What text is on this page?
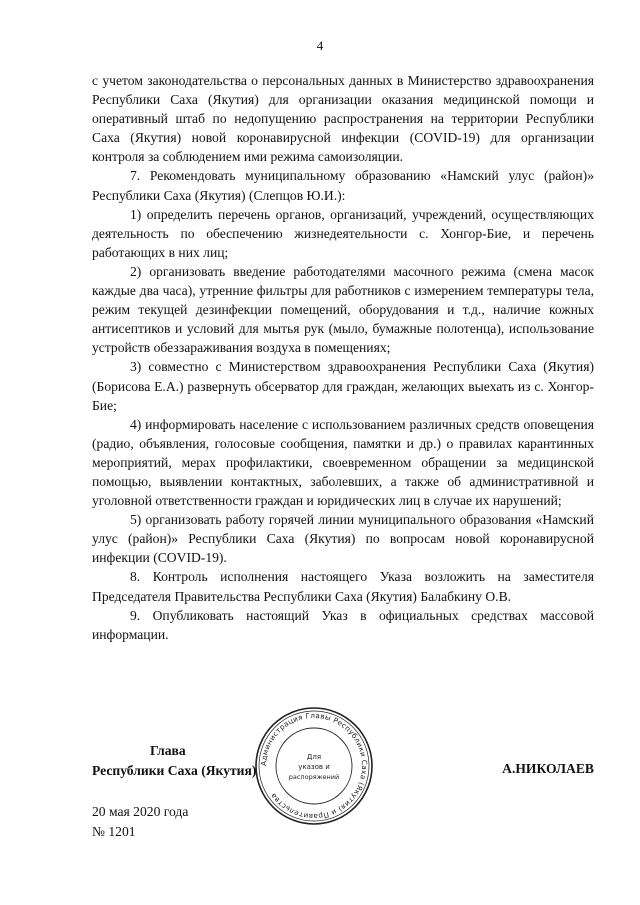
4

с учетом законодательства о персональных данных в Министерство здравоохранения Республики Саха (Якутия) для организации оказания медицинской помощи и оперативный штаб по недопущению распространения на территории Республики Саха (Якутия) новой коронавирусной инфекции (COVID-19) для организации контроля за соблюдением ими режима самоизоляции.

7. Рекомендовать муниципальному образованию «Намский улус (район)» Республики Саха (Якутия) (Слепцов Ю.И.):

1) определить перечень органов, организаций, учреждений, осуществляющих деятельность по обеспечению жизнедеятельности с. Хонгор-Бие, и перечень работающих в них лиц;

2) организовать введение работодателями масочного режима (смена масок каждые два часа), утренние фильтры для работников с измерением температуры тела, режим текущей дезинфекции помещений, оборудования и т.д., наличие кожных антисептиков и условий для мытья рук (мыло, бумажные полотенца), использование устройств обеззараживания воздуха в помещениях;

3) совместно с Министерством здравоохранения Республики Саха (Якутия) (Борисова Е.А.) развернуть обсерватор для граждан, желающих выехать из с. Хонгор-Бие;

4) информировать население с использованием различных средств оповещения (радио, объявления, голосовые сообщения, памятки и др.) о правилах карантинных мероприятий, мерах профилактики, своевременном обращении за медицинской помощью, выявлении контактных, заболевших, а также об административной и уголовной ответственности граждан и юридических лиц в случае их нарушений;

5) организовать работу горячей линии муниципального образования «Намский улус (район)» Республики Саха (Якутия) по вопросам новой коронавирусной инфекции (COVID-19).

8. Контроль исполнения настоящего Указа возложить на заместителя Председателя Правительства Республики Саха (Якутия) Балабкину О.В.

9. Опубликовать настоящий Указ в официальных средствах массовой информации.

Глава
Республики Саха (Якутия) Администрация Главы Республики Саха (Якутия) и Правительства
Для
указов и
распоряжений
А.НИКОЛАЕВ
20 мая 2020 года
№ 1201
